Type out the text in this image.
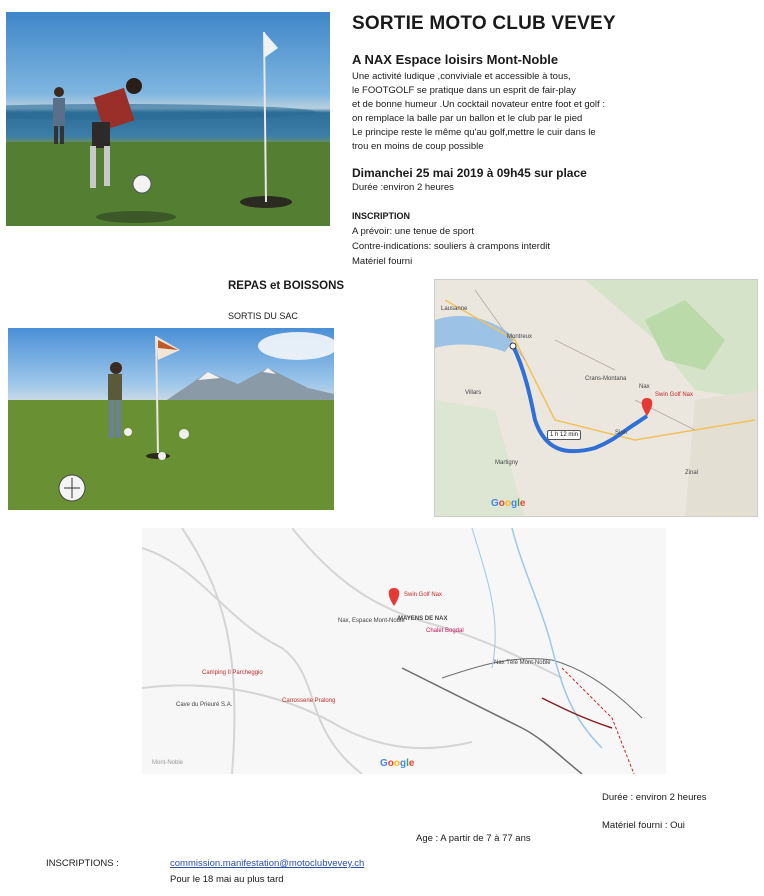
SORTIE MOTO CLUB VEVEY
A NAX Espace loisirs Mont-Noble
Une activité ludique ,conviviale et accessible à tous,
le FOOTGOLF se pratique dans un esprit de fair-play
et de bonne humeur .Un cocktail novateur entre foot et golf :
on remplace la balle par un ballon et le club par le pied
Le principe reste le même qu'au golf,mettre le cuir dans le
trou en moins de coup possible
Dimanchei 25 mai 2019 à 09h45 sur place
Durée :environ 2 heures
INSCRIPTION
A prévoir: une tenue de sport
Contre-indications: souliers à crampons interdit
Matériel fourni
REPAS et BOISSONS
SORTIS DU SAC
Lausanne
Montreux
Sion
Nax
Villars
Martigny
Crans-Montana
Zinal
1 h 12 min
Swin Golf Nax
Google
Swin Golf Nax
Nax, Espace Mont-Noble
MAYENS DE NAX
Nax Télé Mont-Noble
Chalet Bogdal
Camping Il Parcheggio
Carrosserie Pralong
Cave du Prieuré S.A.
Mont-Noble	Google
Durée : environ 2 heures
Matériel fourni : Oui
Age : A partir de 7 à 77 ans
INSCRIPTIONS :	commission.manifestation@motoclubvevey.ch
Pour le 18 mai au plus tard
